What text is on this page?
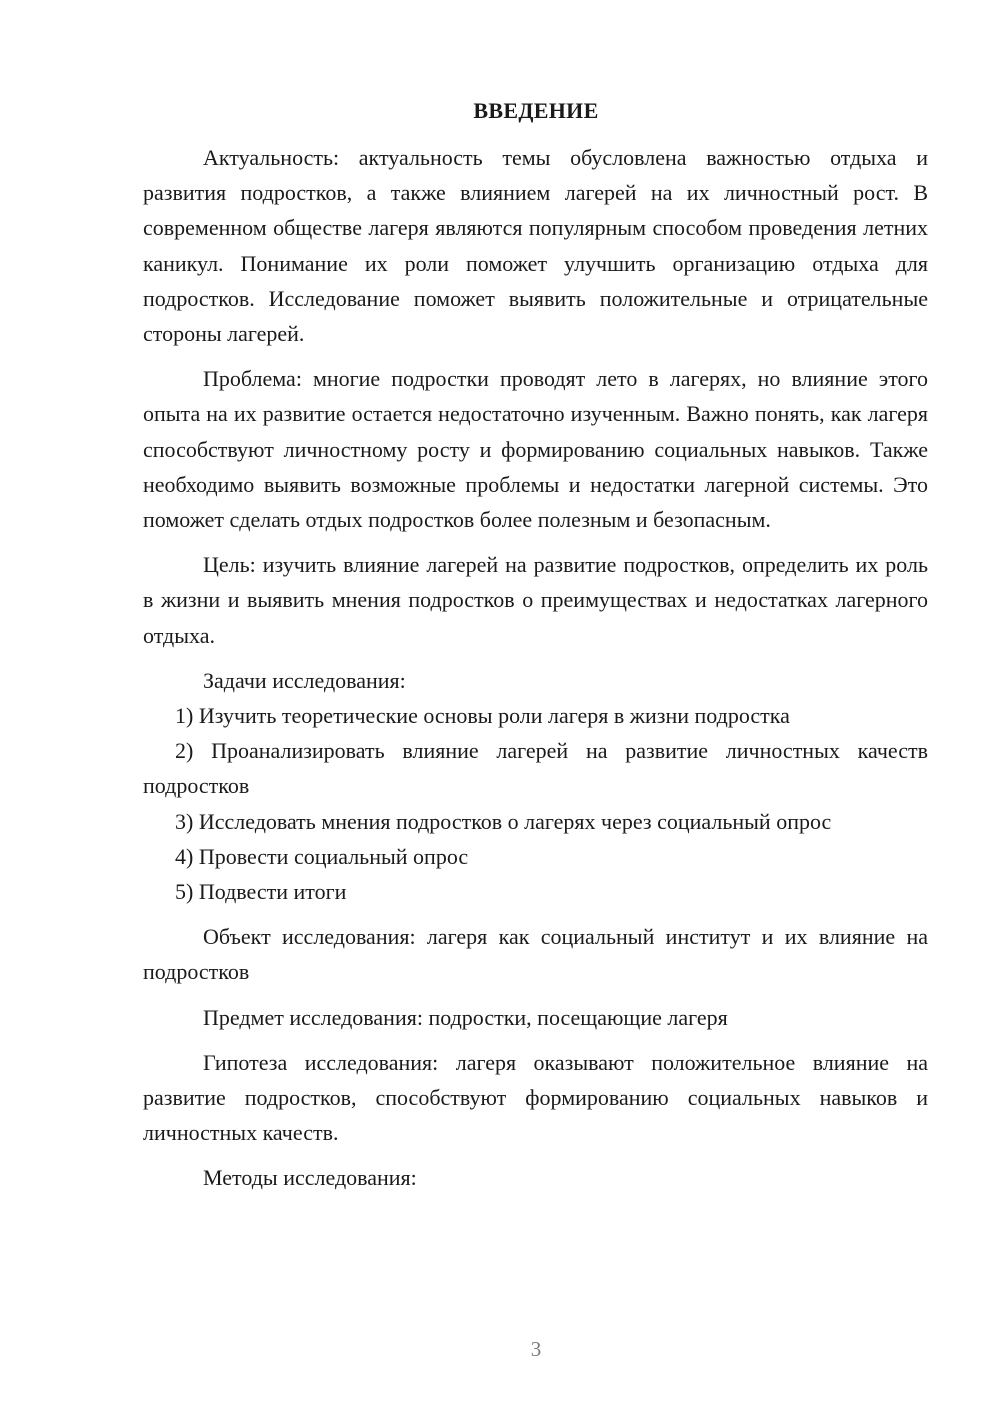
ВВЕДЕНИЕ

Актуальность: актуальность темы обусловлена важностью отдыха и развития подростков, а также влиянием лагерей на их личностный рост. В современном обществе лагеря являются популярным способом проведения летних каникул. Понимание их роли поможет улучшить организацию отдыха для подростков. Исследование поможет выявить положительные и отрицательные стороны лагерей.

Проблема: многие подростки проводят лето в лагерях, но влияние этого опыта на их развитие остается недостаточно изученным. Важно понять, как лагеря способствуют личностному росту и формированию социальных навыков. Также необходимо выявить возможные проблемы и недостатки лагерной системы. Это поможет сделать отдых подростков более полезным и безопасным.

Цель: изучить влияние лагерей на развитие подростков, определить их роль в жизни и выявить мнения подростков о преимуществах и недостатках лагерного отдыха.

Задачи исследования:

1) Изучить теоретические основы роли лагеря в жизни подростка

2) Проанализировать влияние лагерей на развитие личностных качеств подростков

3) Исследовать мнения подростков о лагерях через социальный опрос

4) Провести социальный опрос

5) Подвести итоги

Объект исследования: лагеря как социальный институт и их влияние на подростков

Предмет исследования: подростки, посещающие лагеря

Гипотеза исследования: лагеря оказывают положительное влияние на развитие подростков, способствуют формированию социальных навыков и личностных качеств.

Методы исследования:

3
